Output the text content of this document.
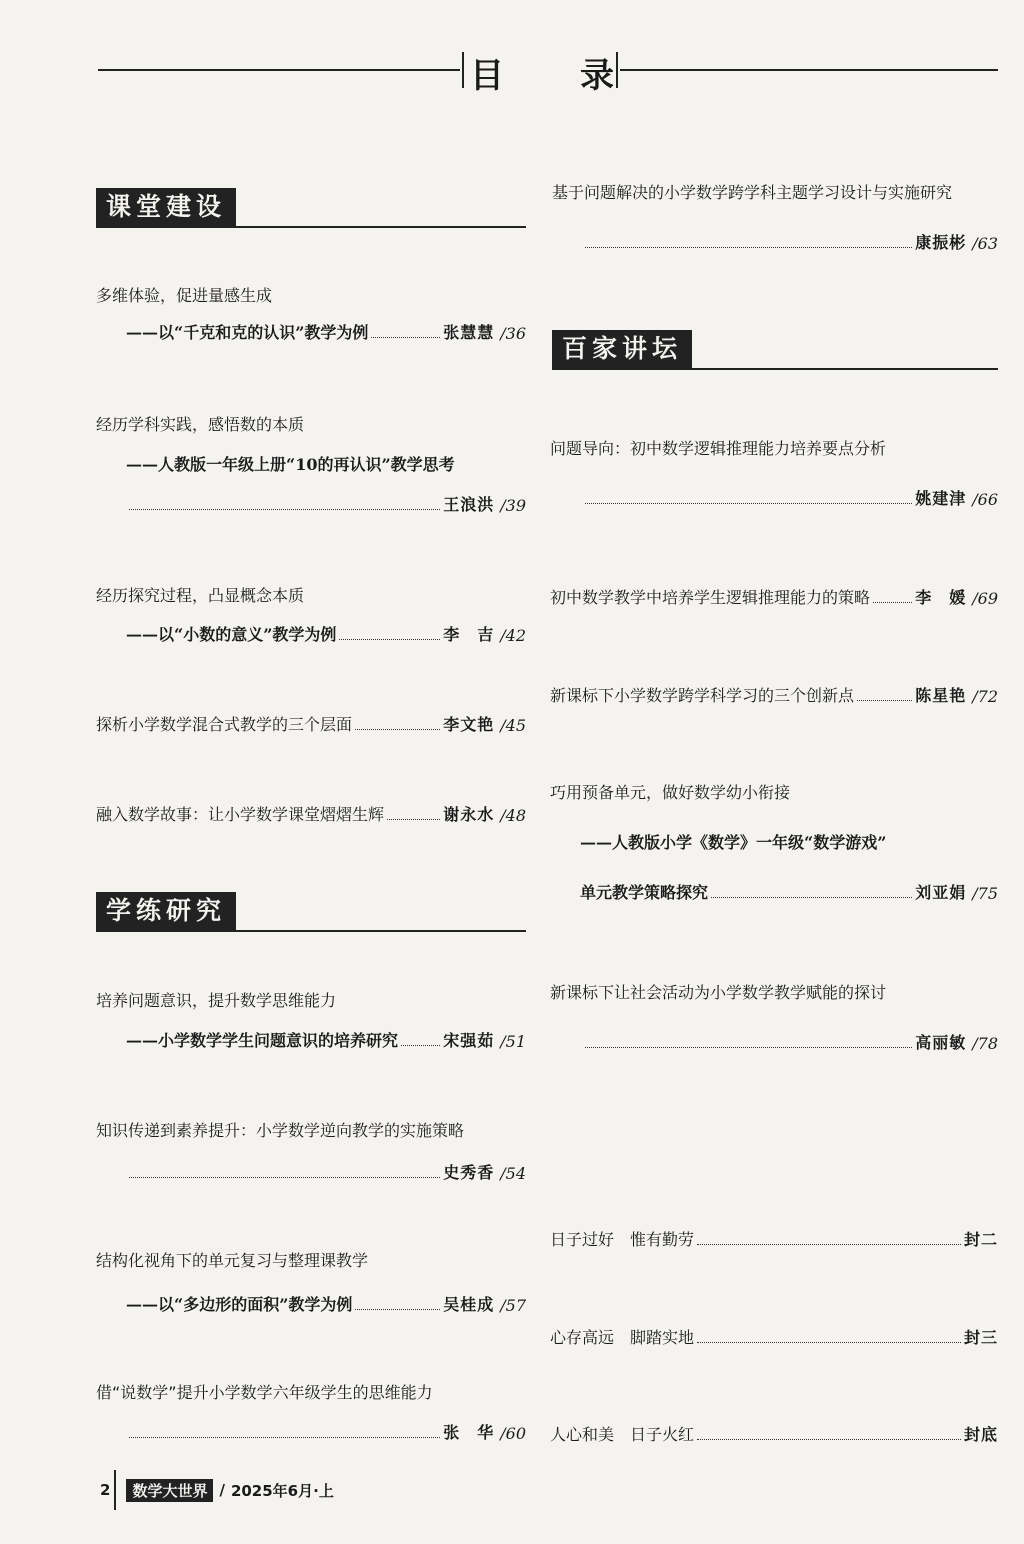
目 录
课堂建设
多维体验，促进量感生成
——以“千克和克的认识”教学为例	张慧慧 /36
经历学科实践，感悟数的本质
——人教版一年级上册“10的再认识”教学思考
王浪洪 /39
经历探究过程，凸显概念本质
——以“小数的意义”教学为例	李　吉 /42
探析小学数学混合式教学的三个层面	李文艳 /45
融入数学故事：让小学数学课堂熠熠生辉	谢永水 /48
学练研究
培养问题意识，提升数学思维能力
——小学数学学生问题意识的培养研究	宋强茹 /51
知识传递到素养提升：小学数学逆向教学的实施策略
史秀香 /54
结构化视角下的单元复习与整理课教学
——以“多边形的面积”教学为例	吴桂成 /57
借“说数学”提升小学数学六年级学生的思维能力
张　华 /60
基于问题解决的小学数学跨学科主题学习设计与实施研究
康振彬 /63
百家讲坛
问题导向：初中数学逻辑推理能力培养要点分析
姚建津 /66
初中数学教学中培养学生逻辑推理能力的策略	李　媛 /69
新课标下小学数学跨学科学习的三个创新点	陈星艳 /72
巧用预备单元，做好数学幼小衔接
——人教版小学《数学》一年级“数学游戏”
单元教学策略探究	刘亚娟 /75
新课标下让社会活动为小学数学教学赋能的探讨
高丽敏 /78
日子过好　惟有勤劳	封二
心存高远　脚踏实地	封三
人心和美　日子火红	封底
2	数学大世界 / 2025年6月·上
